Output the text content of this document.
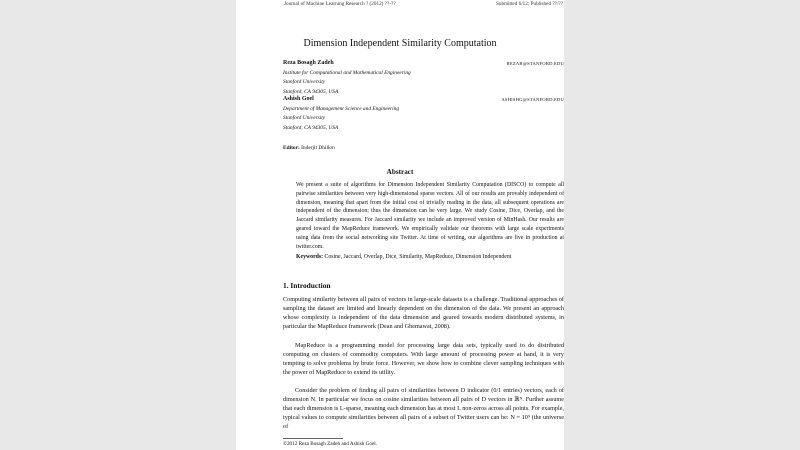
Journal of Machine Learning Research ? (2012) ??-??	Submitted 6/12; Published ??/??
Dimension Independent Similarity Computation
Reza Bosagh Zadeh
Institute for Computational and Mathematical Engineering
Stanford University
Stanford, CA 94305, USA
REZAB@STANFORD.EDU
Ashish Goel
Department of Management Science and Engineering
Stanford University
Stanford, CA 94305, USA
ASHISHG@STANFORD.EDU
Editor: Inderjit Dhillon
Abstract
We present a suite of algorithms for Dimension Independent Similarity Computation (DISCO) to compute all pairwise similarities between very high-dimensional sparse vectors. All of our results are provably independent of dimension, meaning that apart from the initial cost of trivially reading in the data, all subsequent operations are independent of the dimension; thus the dimension can be very large. We study Cosine, Dice, Overlap, and the Jaccard similarity measures. For Jaccard similarity we include an improved version of MinHash. Our results are geared toward the MapReduce framework. We empirically validate our theorems with large scale experiments using data from the social networking site Twitter. At time of writing, our algorithms are live in production at twitter.com.
Keywords: Cosine, Jaccard, Overlap, Dice, Similarity, MapReduce, Dimension Independent
1. Introduction
Computing similarity between all pairs of vectors in large-scale datasets is a challenge. Traditional approaches of sampling the dataset are limited and linearly dependent on the dimension of the data. We present an approach whose complexity is independent of the data dimension and geared towards modern distributed systems, in particular the MapReduce framework (Dean and Ghemawat, 2008).
MapReduce is a programming model for processing large data sets, typically used to do distributed computing on clusters of commodity computers. With large amount of processing power at hand, it is very tempting to solve problems by brute force. However, we show how to combine clever sampling techniques with the power of MapReduce to extend its utility.
Consider the problem of finding all pairs of similarities between D indicator (0/1 entries) vectors, each of dimension N. In particular we focus on cosine similarities between all pairs of D vectors in ℝᴺ. Further assume that each dimension is L-sparse, meaning each dimension has at most L non-zeros across all points. For example, typical values to compute similarities between all pairs of a subset of Twitter users can be: N = 10⁹ (the universe of
©2012 Reza Bosagh Zadeh and Ashish Goel.
